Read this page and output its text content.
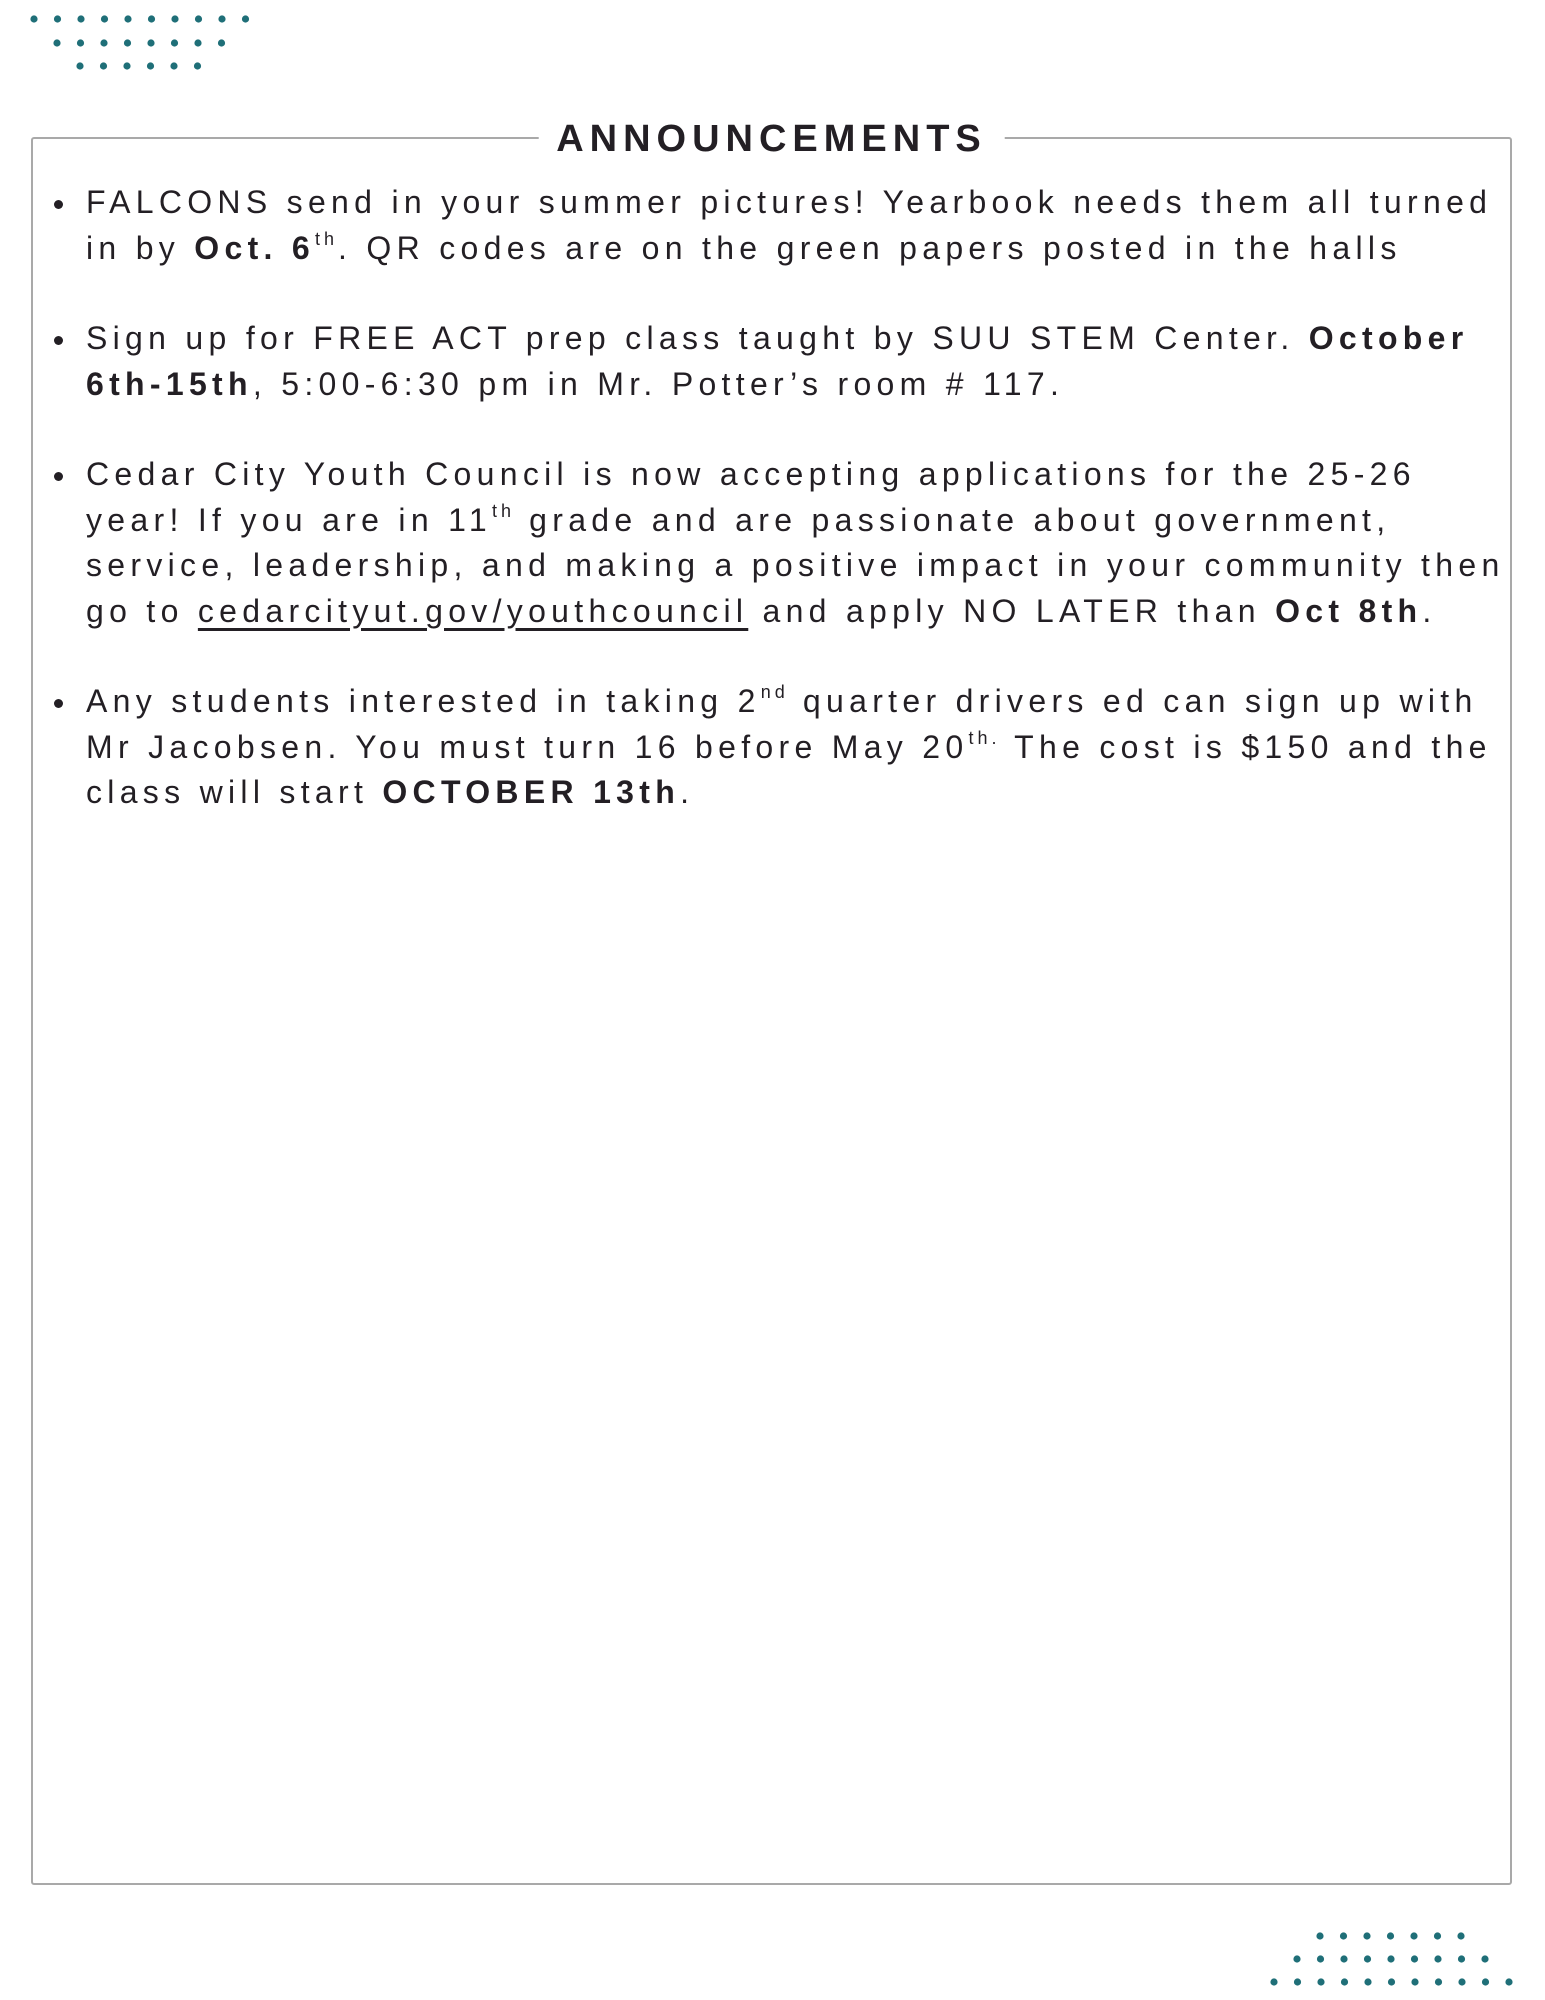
ANNOUNCEMENTS
FALCONS send in your summer pictures! Yearbook needs them all turned in by Oct. 6th. QR codes are on the green papers posted in the halls
Sign up for FREE ACT prep class taught by SUU STEM Center. October 6th-15th, 5:00-6:30 pm in Mr. Potter’s room # 117.
Cedar City Youth Council is now accepting applications for the 25-26 year! If you are in 11th grade and are passionate about government, service, leadership, and making a positive impact in your community then go to cedarcityut.gov/youthcouncil and apply NO LATER than Oct 8th.
Any students interested in taking 2nd quarter drivers ed can sign up with Mr Jacobsen. You must turn 16 before May $20^{th.}$ The cost is $150 and the class will start OCTOBER 13th.
